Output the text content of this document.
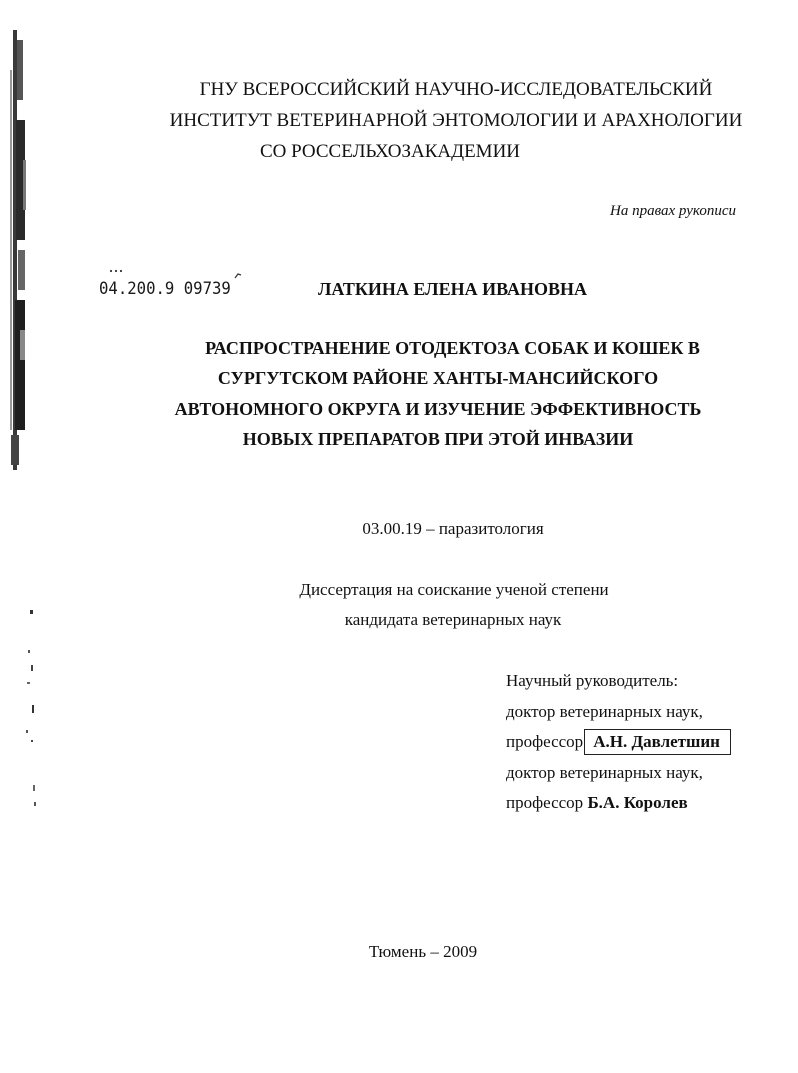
ГНУ ВСЕРОССИЙСКИЙ НАУЧНО-ИССЛЕДОВАТЕЛЬСКИЙ
ИНСТИТУТ ВЕТЕРИНАРНОЙ ЭНТОМОЛОГИИ И АРАХНОЛОГИИ
СО РОССЕЛЬХОЗАКАДЕМИИ
На правах рукописи
04.200.9 09739	ЛАТКИНА ЕЛЕНА ИВАНОВНА
РАСПРОСТРАНЕНИЕ ОТОДЕКТОЗА СОБАК И КОШЕК В
СУРГУТСКОМ РАЙОНЕ ХАНТЫ-МАНСИЙСКОГО
АВТОНОМНОГО ОКРУГА И ИЗУЧЕНИЕ ЭФФЕКТИВНОСТЬ
НОВЫХ ПРЕПАРАТОВ ПРИ ЭТОЙ ИНВАЗИИ
03.00.19 – паразитология
Диссертация на соискание ученой степени
кандидата ветеринарных наук
Научный руководитель:
доктор ветеринарных наук,
профессор А.Н. Давлетшин
доктор ветеринарных наук,
профессор Б.А. Королев
Тюмень – 2009
